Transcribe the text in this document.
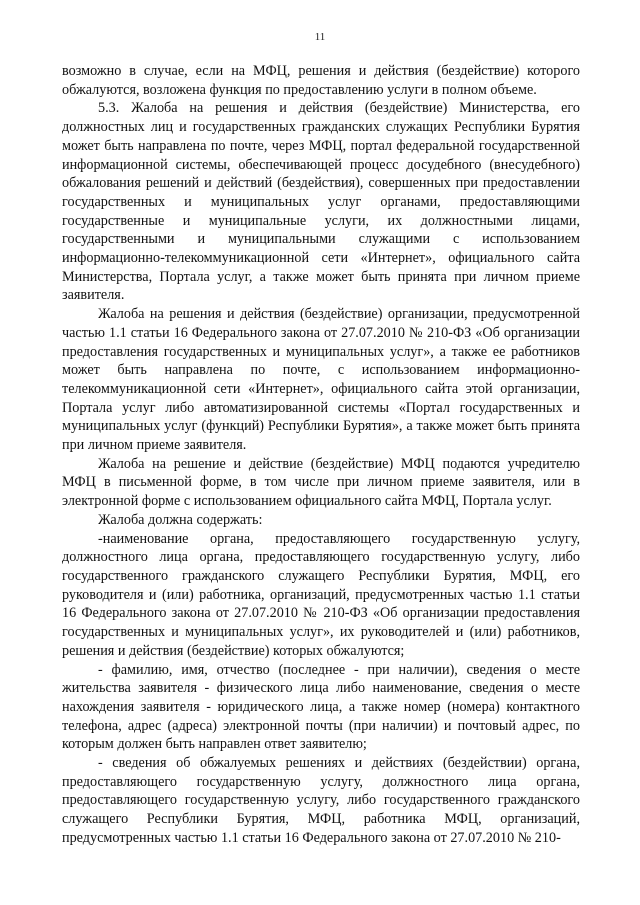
11

возможно в случае, если на МФЦ, решения и действия (бездействие) которого обжалуются, возложена функция по предоставлению услуги в полном объеме.

5.3. Жалоба на решения и действия (бездействие) Министерства, его должностных лиц и государственных гражданских служащих Республики Бурятия может быть направлена по почте, через МФЦ, портал федеральной государственной информационной системы, обеспечивающей процесс досудебного (внесудебного) обжалования решений и действий (бездействия), совершенных при предоставлении государственных и муниципальных услуг органами, предоставляющими государственные и муниципальные услуги, их должностными лицами, государственными и муниципальными служащими с использованием информационно-телекоммуникационной сети «Интернет», официального сайта Министерства, Портала услуг, а также может быть принята при личном приеме заявителя.

Жалоба на решения и действия (бездействие) организации, предусмотренной частью 1.1 статьи 16 Федерального закона от 27.07.2010 № 210-ФЗ «Об организации предоставления государственных и муниципальных услуг», а также ее работников может быть направлена по почте, с использованием информационно-телекоммуникационной сети «Интернет», официального сайта этой организации, Портала услуг либо автоматизированной системы «Портал государственных и муниципальных услуг (функций) Республики Бурятия», а также может быть принята при личном приеме заявителя.

Жалоба на решение и действие (бездействие) МФЦ подаются учредителю МФЦ в письменной форме, в том числе при личном приеме заявителя, или в электронной форме с использованием официального сайта МФЦ, Портала услуг.

Жалоба должна содержать:

-наименование органа, предоставляющего государственную услугу, должностного лица органа, предоставляющего государственную услугу, либо государственного гражданского служащего Республики Бурятия, МФЦ, его руководителя и (или) работника, организаций, предусмотренных частью 1.1 статьи 16 Федерального закона от 27.07.2010 № 210-ФЗ «Об организации предоставления государственных и муниципальных услуг», их руководителей и (или) работников, решения и действия (бездействие) которых обжалуются;

- фамилию, имя, отчество (последнее - при наличии), сведения о месте жительства заявителя - физического лица либо наименование, сведения о месте нахождения заявителя - юридического лица, а также номер (номера) контактного телефона, адрес (адреса) электронной почты (при наличии) и почтовый адрес, по которым должен быть направлен ответ заявителю;

- сведения об обжалуемых решениях и действиях (бездействии) органа, предоставляющего государственную услугу, должностного лица органа, предоставляющего государственную услугу, либо государственного гражданского служащего Республики Бурятия, МФЦ, работника МФЦ, организаций, предусмотренных частью 1.1 статьи 16 Федерального закона от 27.07.2010 № 210-
